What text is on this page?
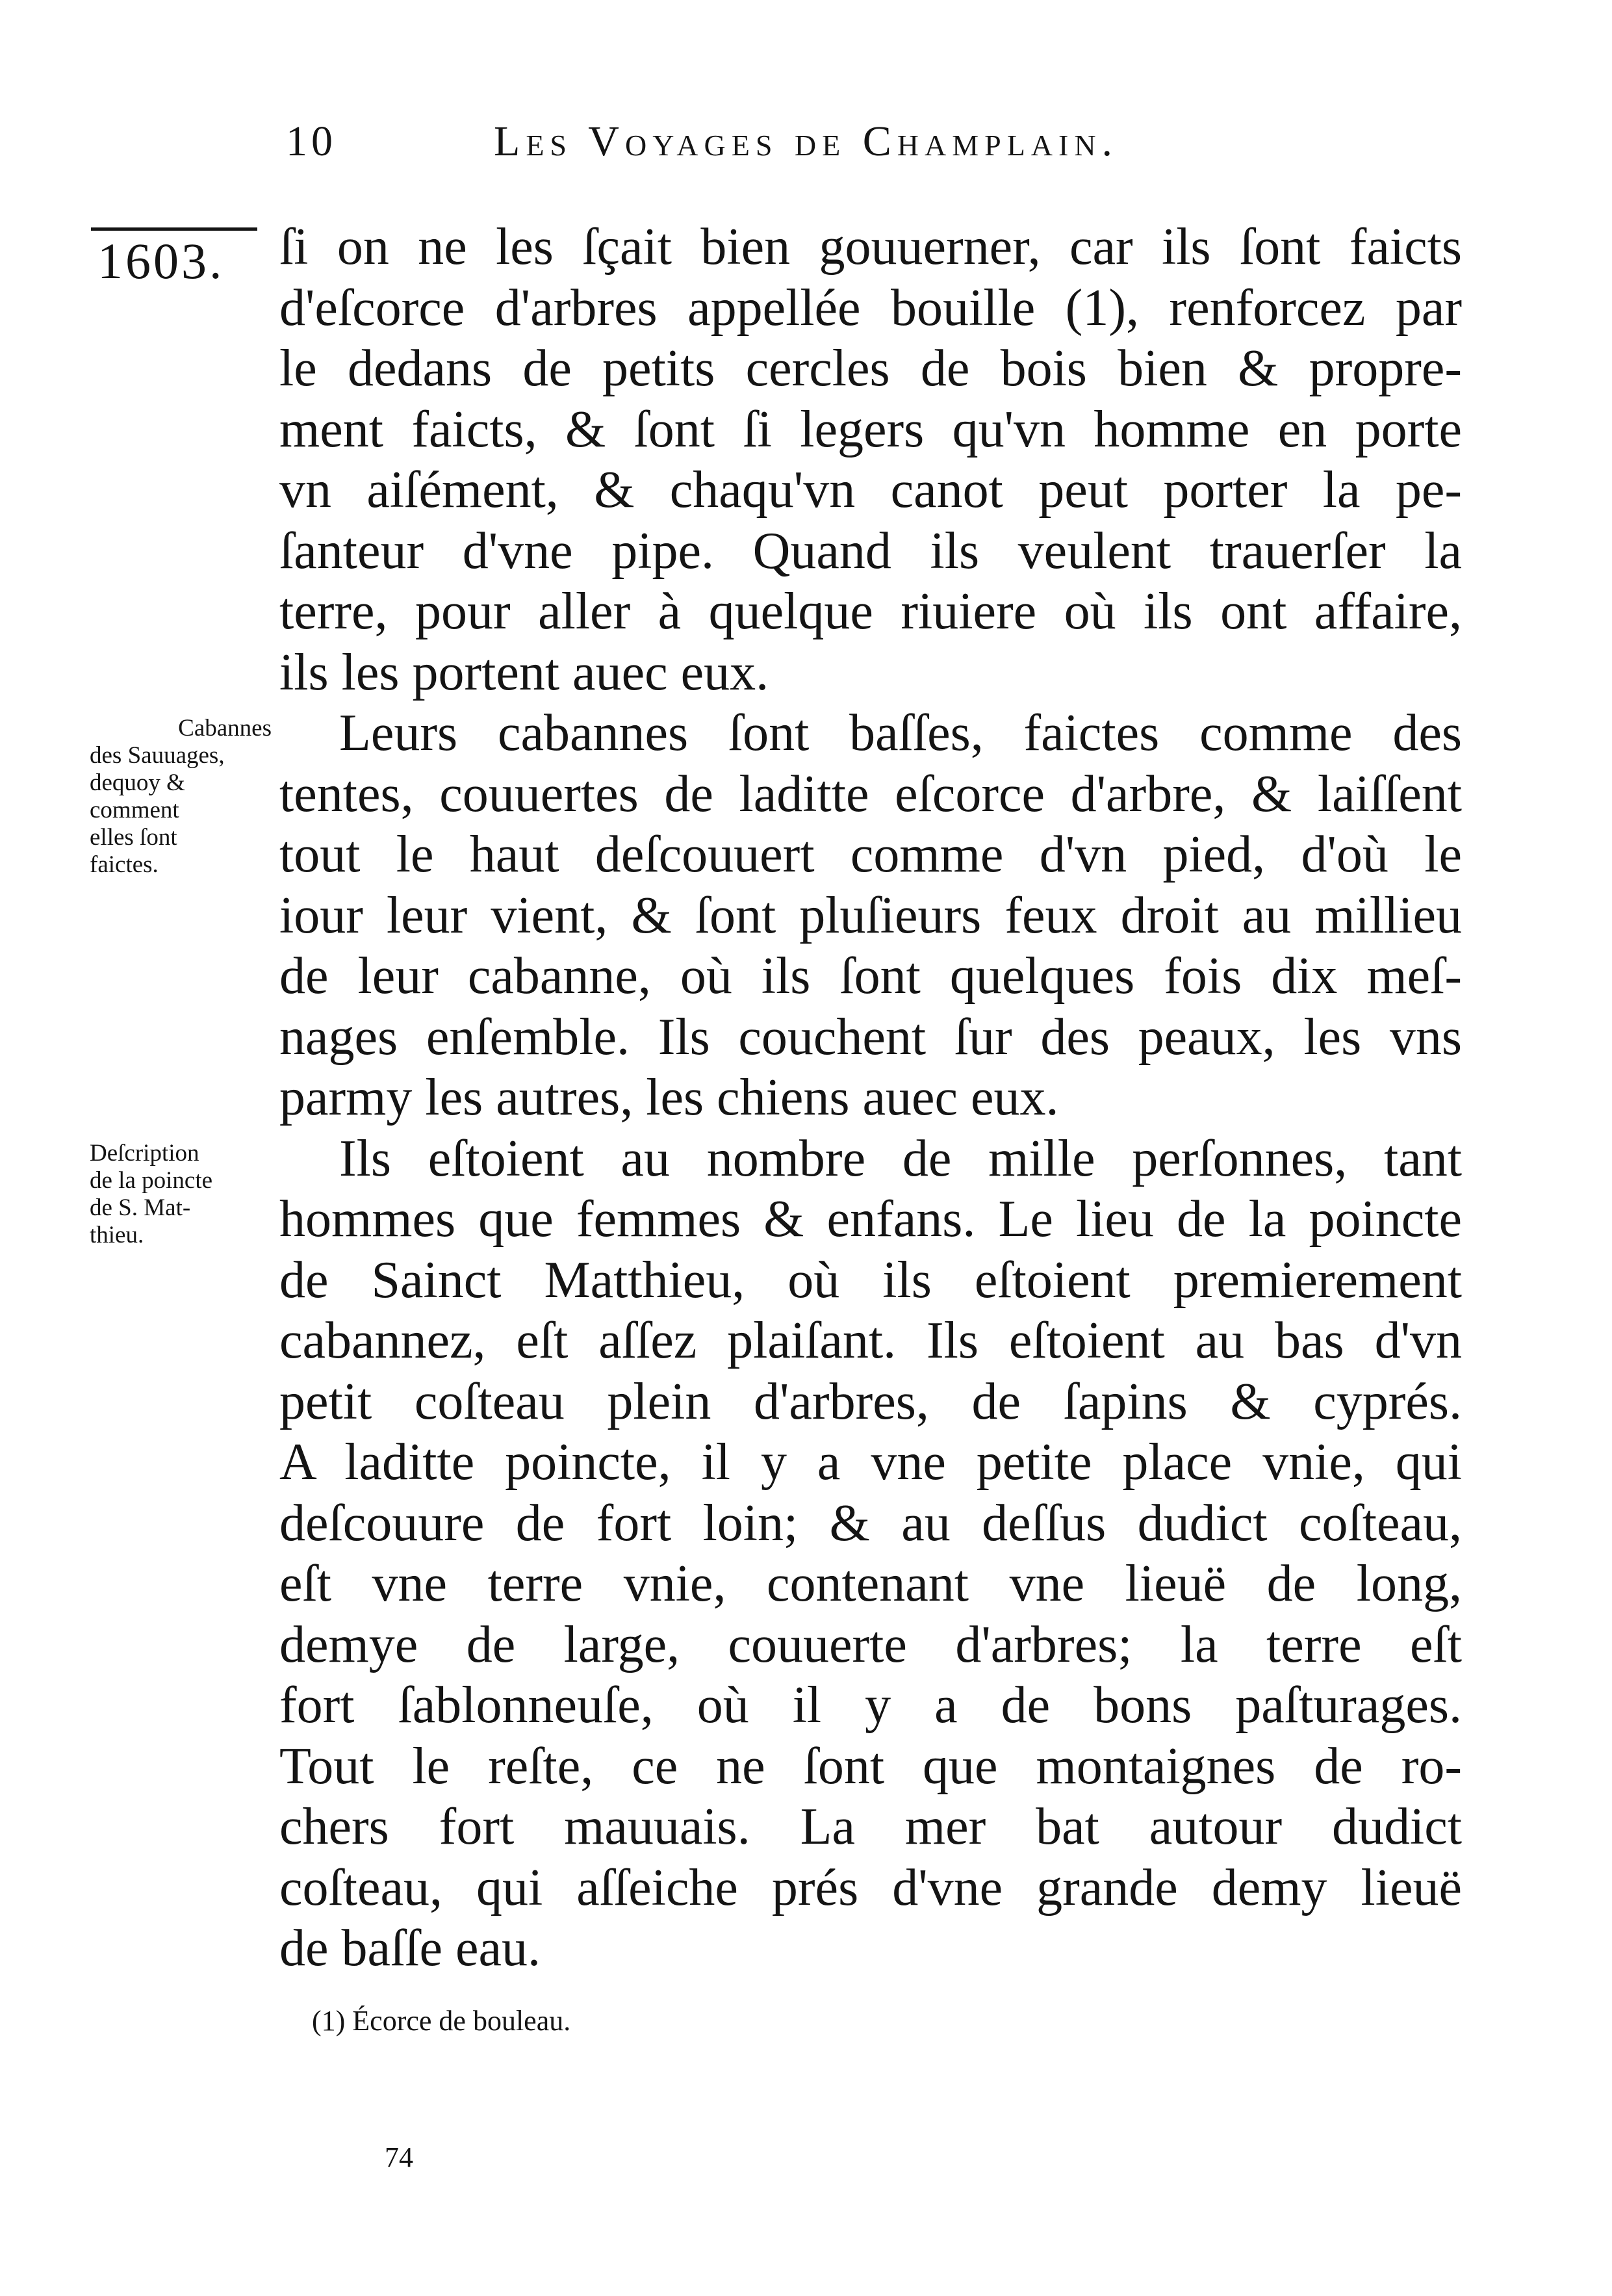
10	Les Voyages de Champlain.
1603.
Cabannes
des Sauuages,
dequoy &
comment
elles ſont
faictes.
Deſcription
de la poincte
de S. Mat-
thieu.
ſi on ne les ſçait bien gouuerner, car ils ſont faicts
d'eſcorce d'arbres appellée bouille (1), renforcez par
le dedans de petits cercles de bois bien & propre-
ment faicts, & ſont ſi legers qu'vn homme en porte
vn aiſément, & chaqu'vn canot peut porter la pe-
ſanteur d'vne pipe. Quand ils veulent trauerſer la
terre, pour aller à quelque riuiere où ils ont affaire,
ils les portent auec eux.
Leurs cabannes ſont baſſes, faictes comme des
tentes, couuertes de laditte eſcorce d'arbre, & laiſſent
tout le haut deſcouuert comme d'vn pied, d'où le
iour leur vient, & ſont pluſieurs feux droit au millieu
de leur cabanne, où ils ſont quelques fois dix meſ-
nages enſemble. Ils couchent ſur des peaux, les vns
parmy les autres, les chiens auec eux.
Ils eſtoient au nombre de mille perſonnes, tant
hommes que femmes & enfans. Le lieu de la poincte
de Sainct Matthieu, où ils eſtoient premierement
cabannez, eſt aſſez plaiſant. Ils eſtoient au bas d'vn
petit coſteau plein d'arbres, de ſapins & cyprés.
A laditte poincte, il y a vne petite place vnie, qui
deſcouure de fort loin; & au deſſus dudict coſteau,
eſt vne terre vnie, contenant vne lieuë de long,
demye de large, couuerte d'arbres; la terre eſt
fort ſablonneuſe, où il y a de bons paſturages.
Tout le reſte, ce ne ſont que montaignes de ro-
chers fort mauuais. La mer bat autour dudict
coſteau, qui aſſeiche prés d'vne grande demy lieuë
de baſſe eau.
(1) Écorce de bouleau.
74
